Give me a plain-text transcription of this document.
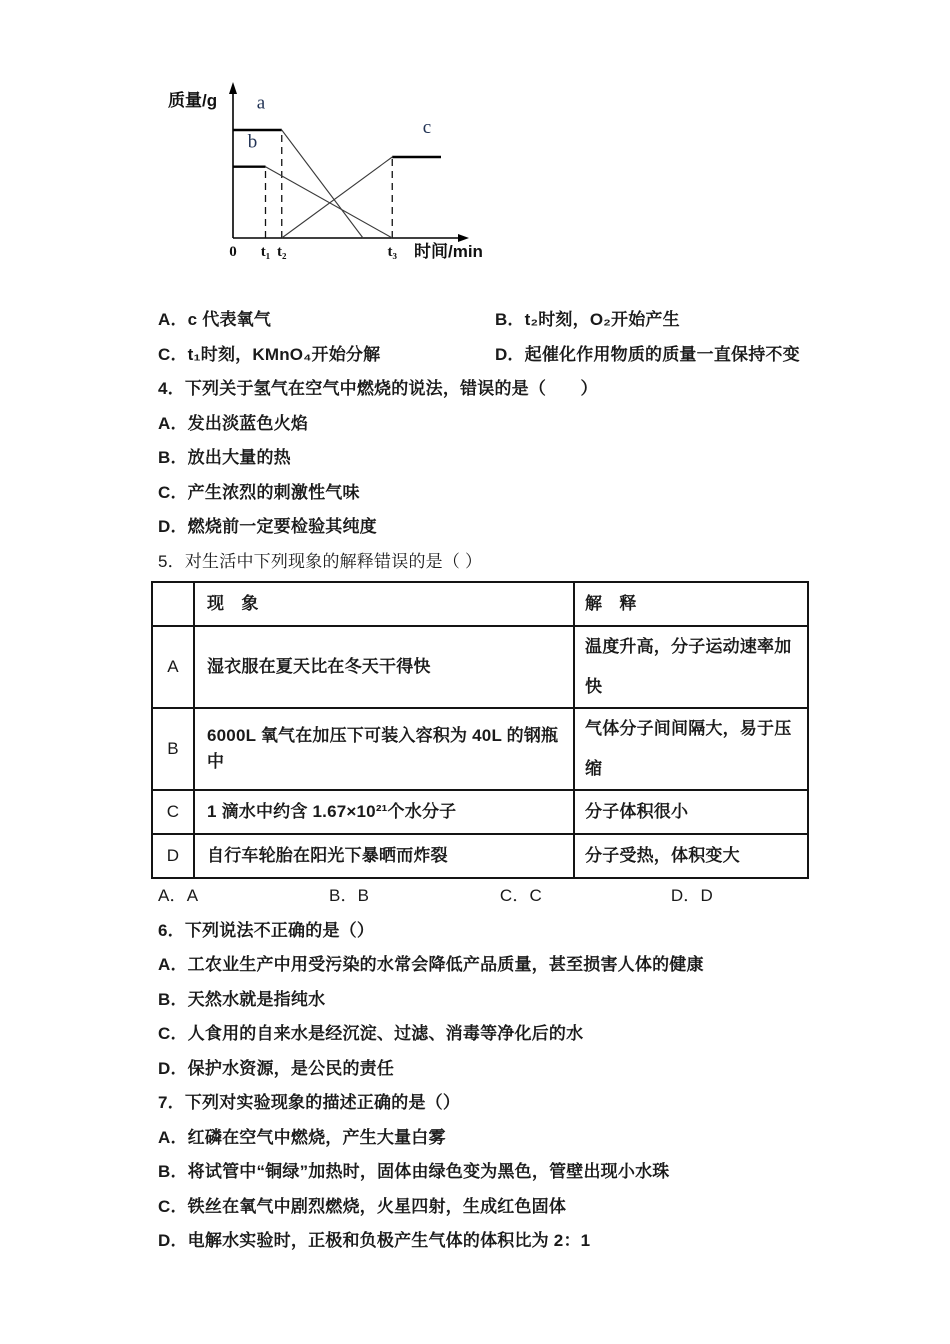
质量/g
时间/min
0 t₁ t₂	t₃
a
b
c
A．c 代表氧气	B．t₂时刻，O₂开始产生
C．t₁时刻，KMnO₄开始分解	D．起催化作用物质的质量一直保持不变
4．下列关于氢气在空气中燃烧的说法，错误的是（　　）
A．发出淡蓝色火焰
B．放出大量的热
C．产生浓烈的刺激性气味
D．燃烧前一定要检验其纯度
5．对生活中下列现象的解释错误的是（ ）
	现　象	解　释
A	湿衣服在夏天比在冬天干得快	温度升高，分子运动速率加快
B	6000L 氧气在加压下可装入容积为 40L 的钢瓶中	气体分子间间隔大，易于压缩
C	1 滴水中约含 1.67×10²¹个水分子	分子体积很小
D	自行车轮胎在阳光下暴晒而炸裂	分子受热，体积变大
A．A	B．B	C．C	D．D
6．下列说法不正确的是（）
A．工农业生产中用受污染的水常会降低产品质量，甚至损害人体的健康
B．天然水就是指纯水
C．人食用的自来水是经沉淀、过滤、消毒等净化后的水
D．保护水资源，是公民的责任
7．下列对实验现象的描述正确的是（）
A．红磷在空气中燃烧，产生大量白雾
B．将试管中“铜绿”加热时，固体由绿色变为黑色，管壁出现小水珠
C．铁丝在氧气中剧烈燃烧，火星四射，生成红色固体
D．电解水实验时，正极和负极产生气体的体积比为 2：1
